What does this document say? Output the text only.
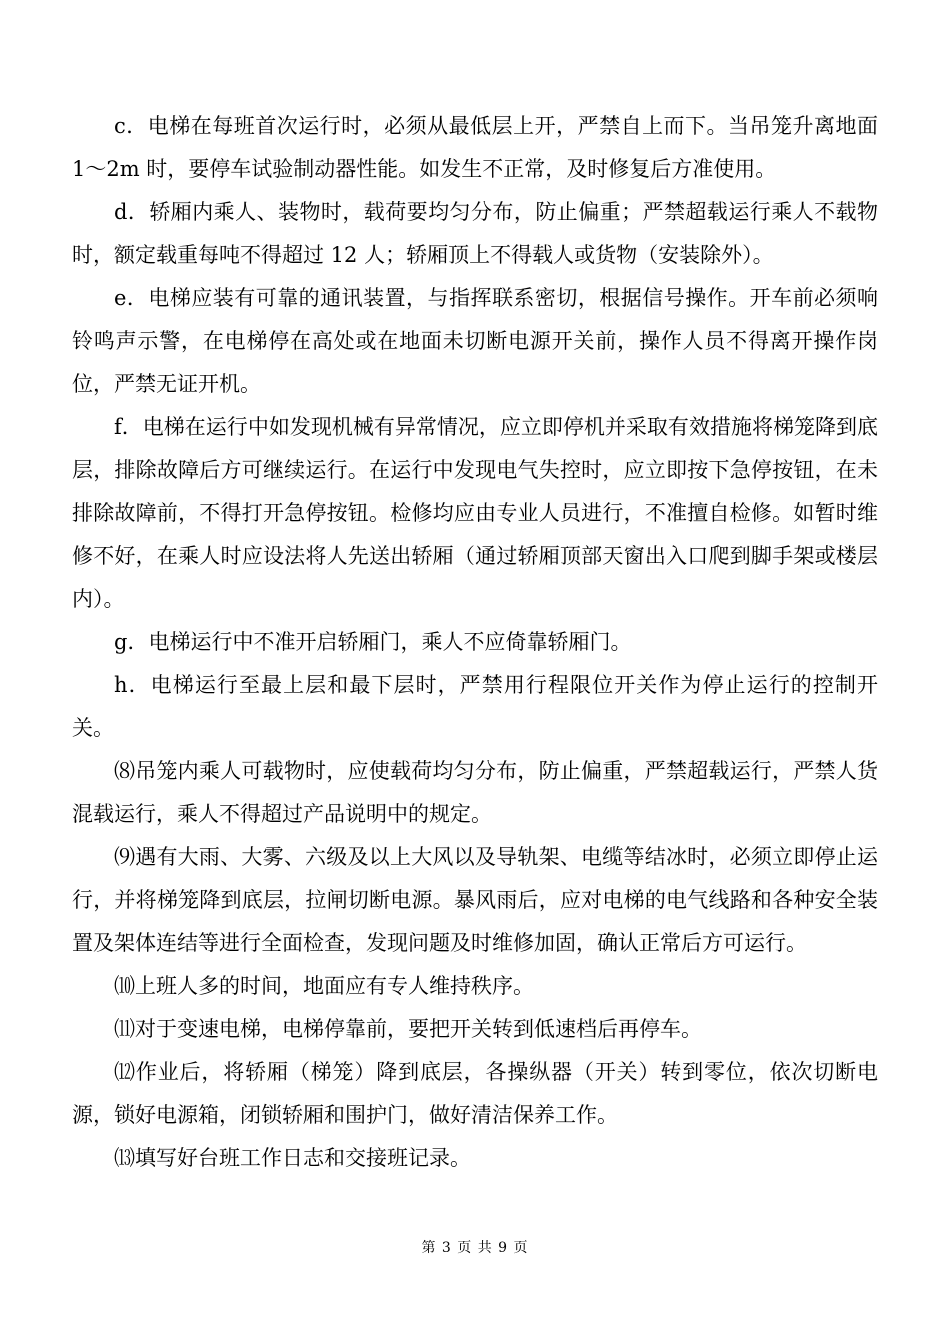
c．电梯在每班首次运行时，必须从最低层上开，严禁自上而下。当吊笼升离地面 1～2m 时，要停车试验制动器性能。如发生不正常，及时修复后方准使用。

d．轿厢内乘人、装物时，载荷要均匀分布，防止偏重；严禁超载运行乘人不载物时，额定载重每吨不得超过 12 人；轿厢顶上不得载人或货物（安装除外）。

e．电梯应装有可靠的通讯装置，与指挥联系密切，根据信号操作。开车前必须响铃鸣声示警，在电梯停在高处或在地面未切断电源开关前，操作人员不得离开操作岗位，严禁无证开机。

f．电梯在运行中如发现机械有异常情况，应立即停机并采取有效措施将梯笼降到底层，排除故障后方可继续运行。在运行中发现电气失控时，应立即按下急停按钮，在未排除故障前，不得打开急停按钮。检修均应由专业人员进行，不准擅自检修。如暂时维修不好，在乘人时应设法将人先送出轿厢（通过轿厢顶部天窗出入口爬到脚手架或楼层内）。

g．电梯运行中不准开启轿厢门，乘人不应倚靠轿厢门。

h．电梯运行至最上层和最下层时，严禁用行程限位开关作为停止运行的控制开关。

⑻吊笼内乘人可载物时，应使载荷均匀分布，防止偏重，严禁超载运行，严禁人货混载运行，乘人不得超过产品说明中的规定。

⑼遇有大雨、大雾、六级及以上大风以及导轨架、电缆等结冰时，必须立即停止运行，并将梯笼降到底层，拉闸切断电源。暴风雨后，应对电梯的电气线路和各种安全装置及架体连结等进行全面检查，发现问题及时维修加固，确认正常后方可运行。

⑽上班人多的时间，地面应有专人维持秩序。

⑾对于变速电梯，电梯停靠前，要把开关转到低速档后再停车。

⑿作业后，将轿厢（梯笼）降到底层，各操纵器（开关）转到零位，依次切断电源，锁好电源箱，闭锁轿厢和围护门，做好清洁保养工作。

⒀填写好台班工作日志和交接班记录。

第 3 页 共 9 页
